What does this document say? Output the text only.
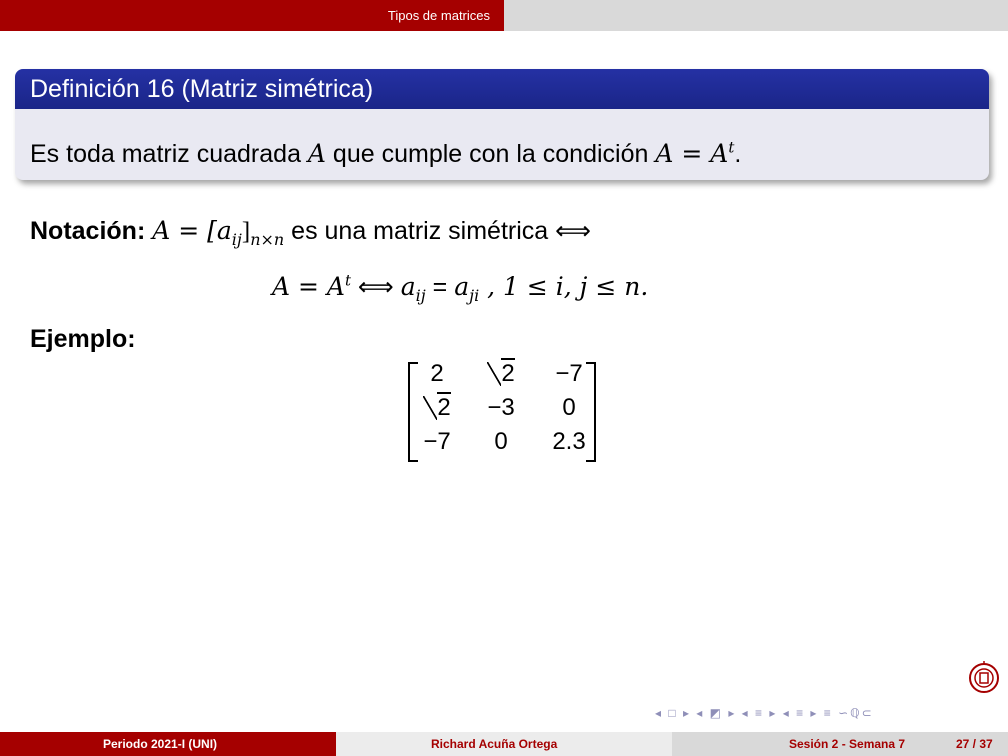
Tipos de matrices
Definición 16 (Matriz simétrica)
Es toda matriz cuadrada A que cumple con la condición $A = A^t$.
Notación: $A = [a_{ij}]_{n\times n}$ es una matriz simétrica ⟺
$A = A^t$ ⟺ $a_{ij} = a_{ji}$ , 1 ≤ i, j ≤ n.
Ejemplo:
2	2	−7
2	−3	0
−7	0	2.3
◂ □ ▸ ◂ ◩ ▸ ◂ ≡ ▸ ◂ ≡ ▸ ≡ ∽ℚ⊂
Periodo 2021-I (UNI)	Richard Acuña Ortega	Sesión 2 - Semana 7	27 / 37
